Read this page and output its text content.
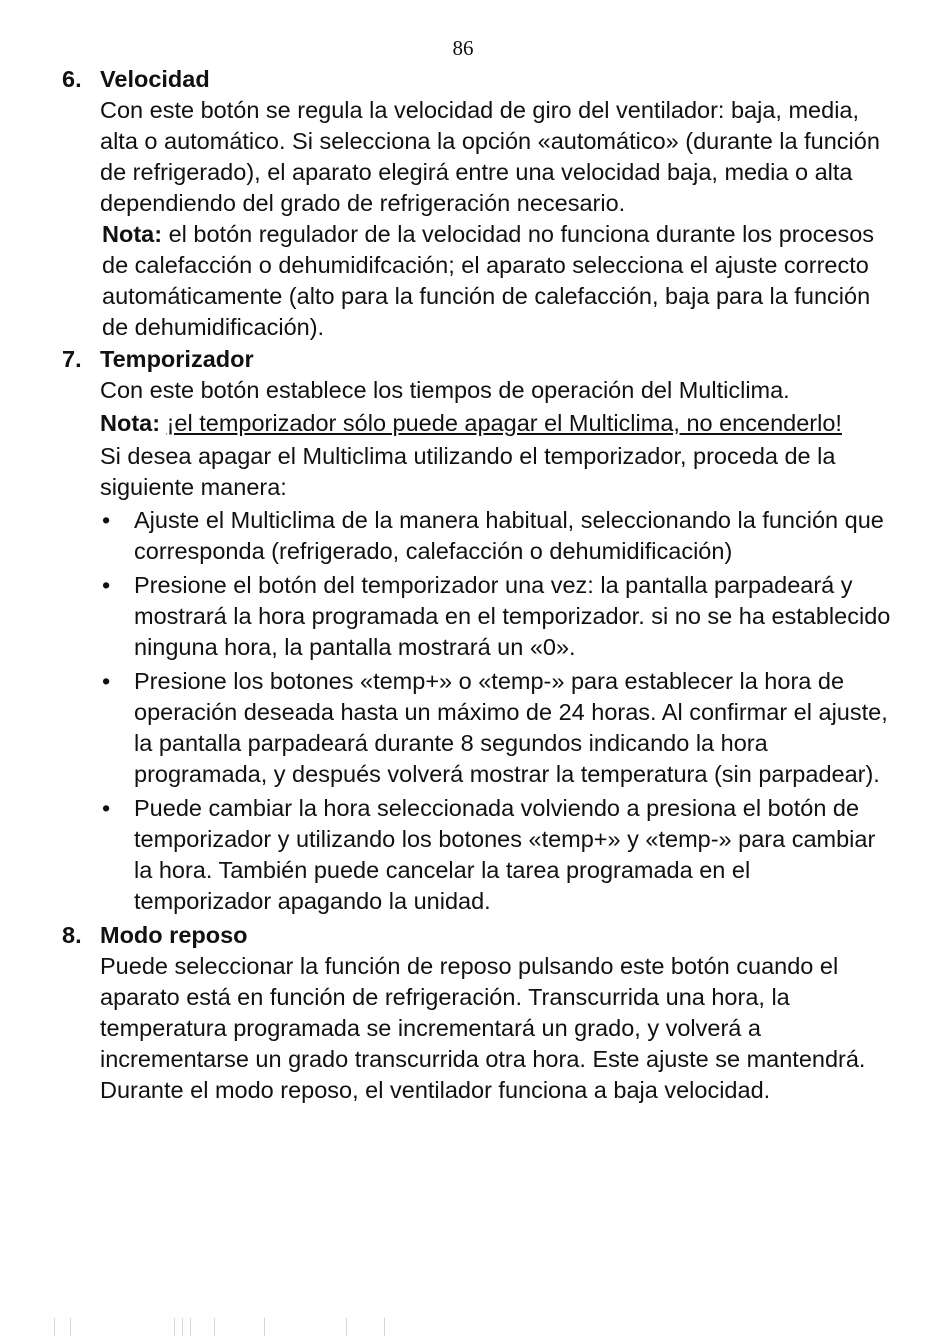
86
6. Velocidad

Con este botón se regula la velocidad de giro del ventilador: baja, media, alta o automático. Si selecciona la opción «automático» (durante la función de refrigerado), el aparato elegirá entre una velocidad baja, media o alta dependiendo del grado de refrigeración necesario.

Nota: el botón regulador de la velocidad no funciona durante los procesos de calefacción o dehumidifcación; el aparato selecciona el ajuste correcto automáticamente (alto para la función de calefacción, baja para la función de dehumidificación).

7. Temporizador

Con este botón establece los tiempos de operación del Multiclima.

Nota: ¡el temporizador sólo puede apagar el Multiclima, no encenderlo!

Si desea apagar el Multiclima utilizando el temporizador, proceda de la siguiente manera:

•	Ajuste el Multiclima de la manera habitual, seleccionando la función que corresponda (refrigerado, calefacción o dehumidificación)
•	Presione el botón del temporizador una vez: la pantalla parpadeará y mostrará la hora programada en el temporizador. si no se ha establecido ninguna hora, la pantalla mostrará un «0».
•	Presione los botones «temp+» o «temp-» para establecer la hora de operación deseada hasta un máximo de 24 horas. Al confirmar el ajuste, la pantalla parpadeará durante 8 segundos indicando la hora programada, y después volverá mostrar la temperatura (sin parpadear).
•	Puede cambiar la hora seleccionada volviendo a presiona el botón de temporizador y utilizando los botones «temp+» y «temp-» para cambiar la hora. También puede cancelar la tarea programada en el temporizador apagando la unidad.
8. Modo reposo

Puede seleccionar la función de reposo pulsando este botón cuando el aparato está en función de refrigeración. Transcurrida una hora, la temperatura programada se incrementará un grado, y volverá a incrementarse un grado transcurrida otra hora. Este ajuste se mantendrá. Durante el modo reposo, el ventilador funciona a baja velocidad.
